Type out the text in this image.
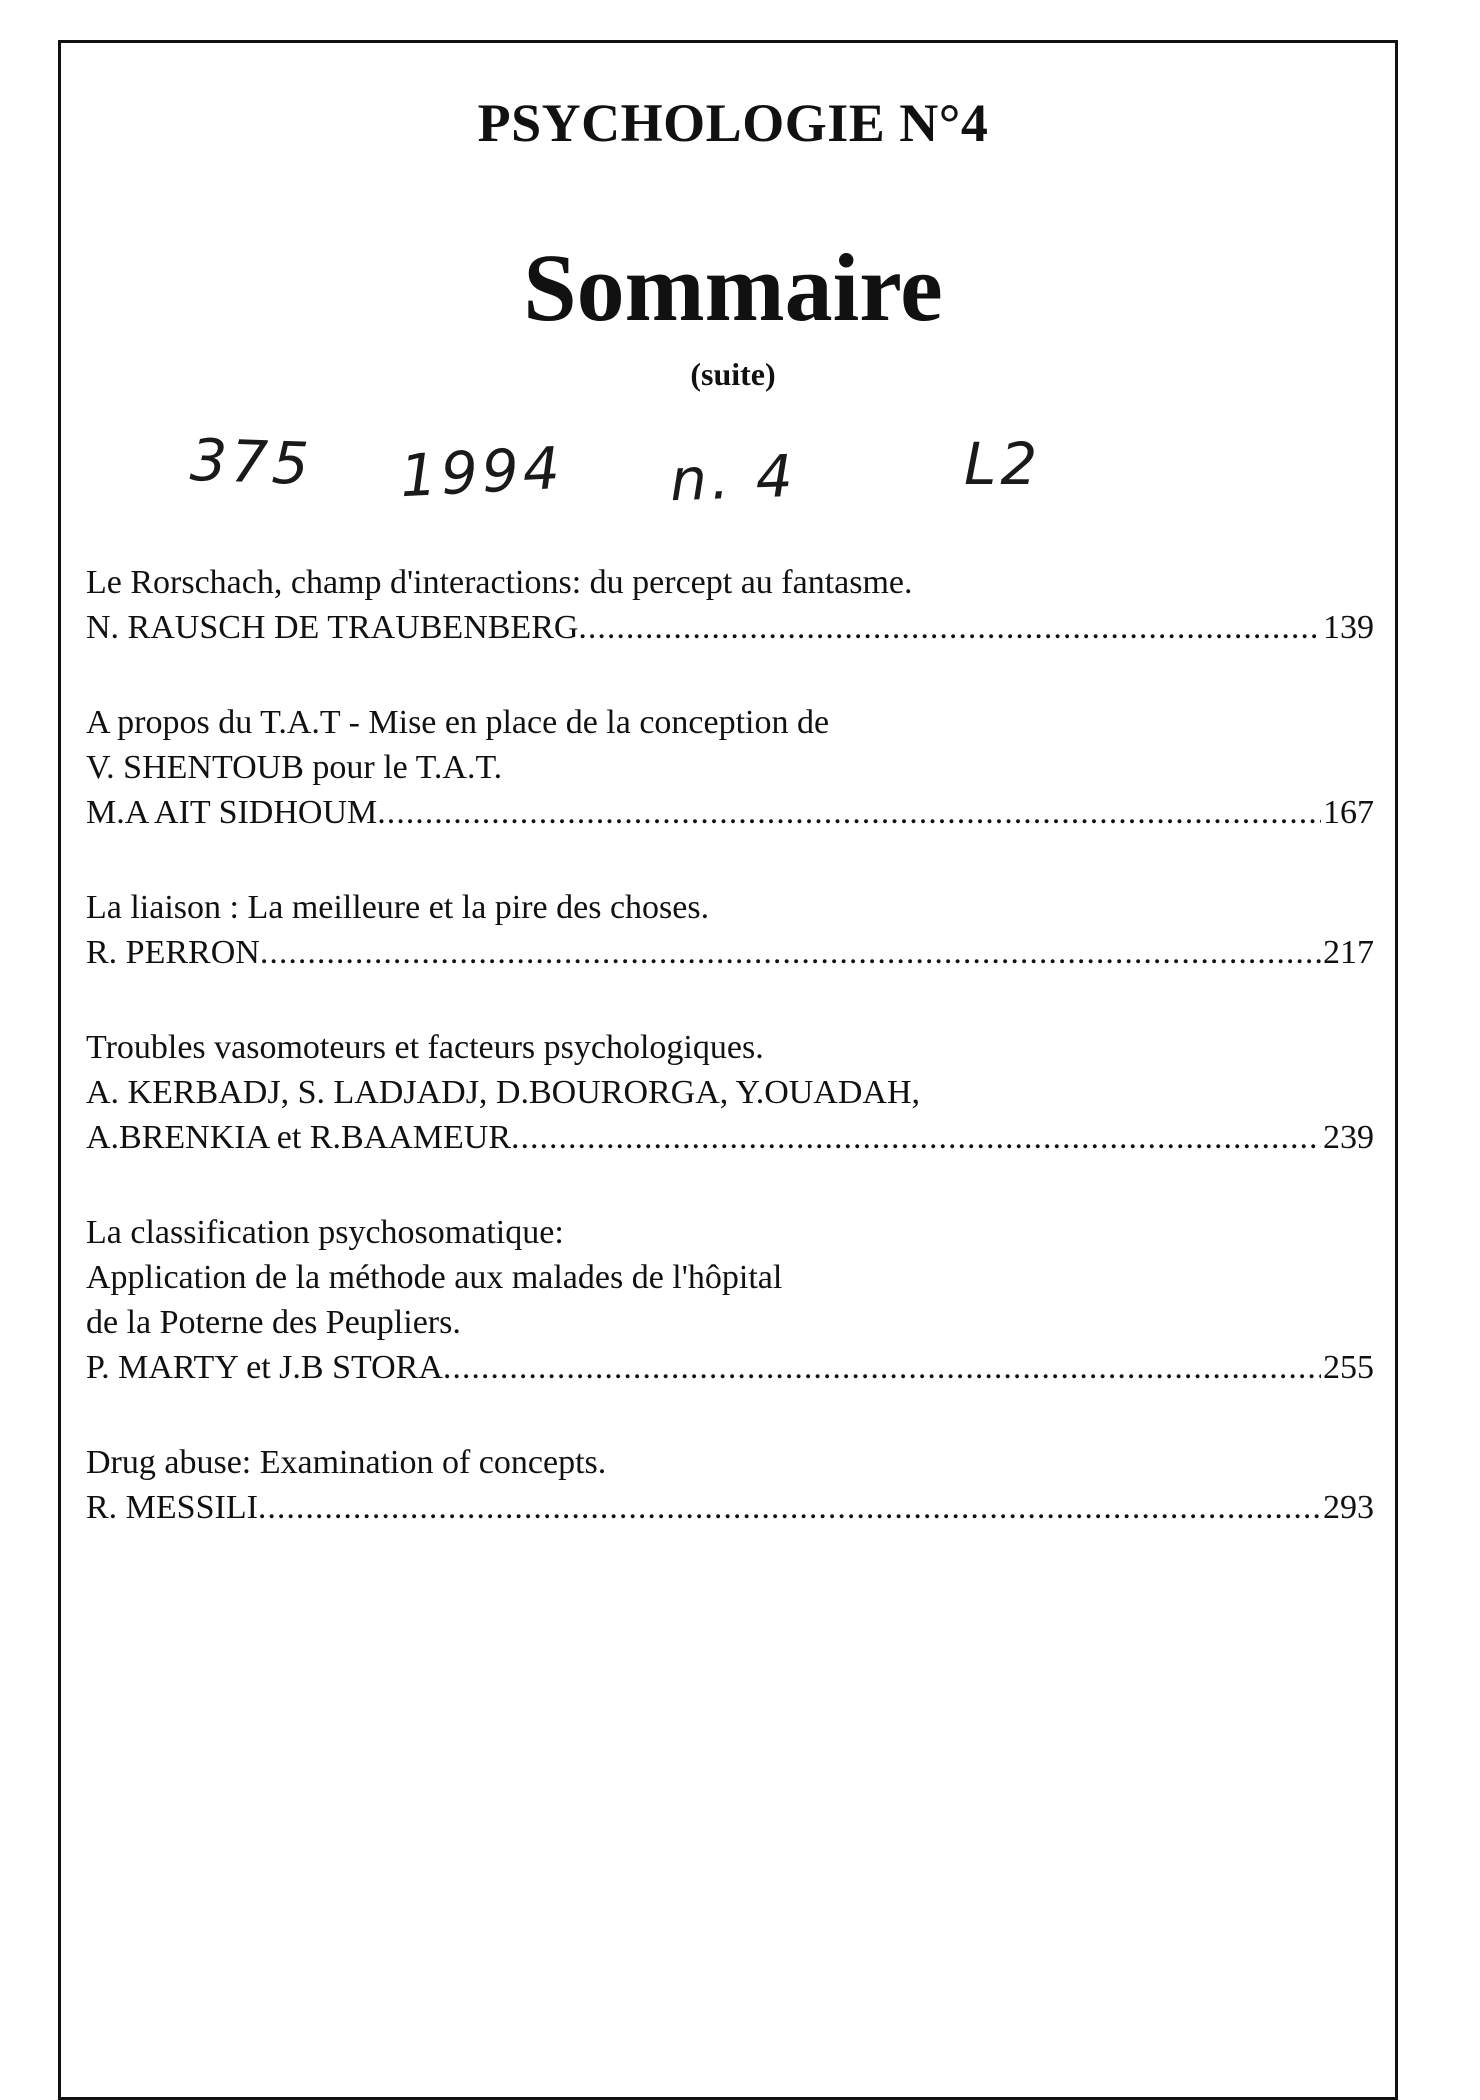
PSYCHOLOGIE N°4
Sommaire
(suite)
375 1994 n. 4	L2
Le Rorschach, champ d'interactions: du percept au fantasme.
N. RAUSCH DE TRAUBENBERG .....	139
A propos du T.A.T - Mise en place de la conception de
V. SHENTOUB pour le T.A.T.
M.A AIT SIDHOUM .....	167
La liaison : La meilleure et la pire des choses.
R. PERRON .....	217
Troubles vasomoteurs et facteurs psychologiques.
A. KERBADJ, S. LADJADJ, D.BOURORGA, Y.OUADAH,
A.BRENKIA et R.BAAMEUR .....	239
La classification psychosomatique:
Application de la méthode aux malades de l'hôpital
de la Poterne des Peupliers.
P. MARTY et J.B STORA .....	255
Drug abuse: Examination of concepts.
R. MESSILI .....	293
